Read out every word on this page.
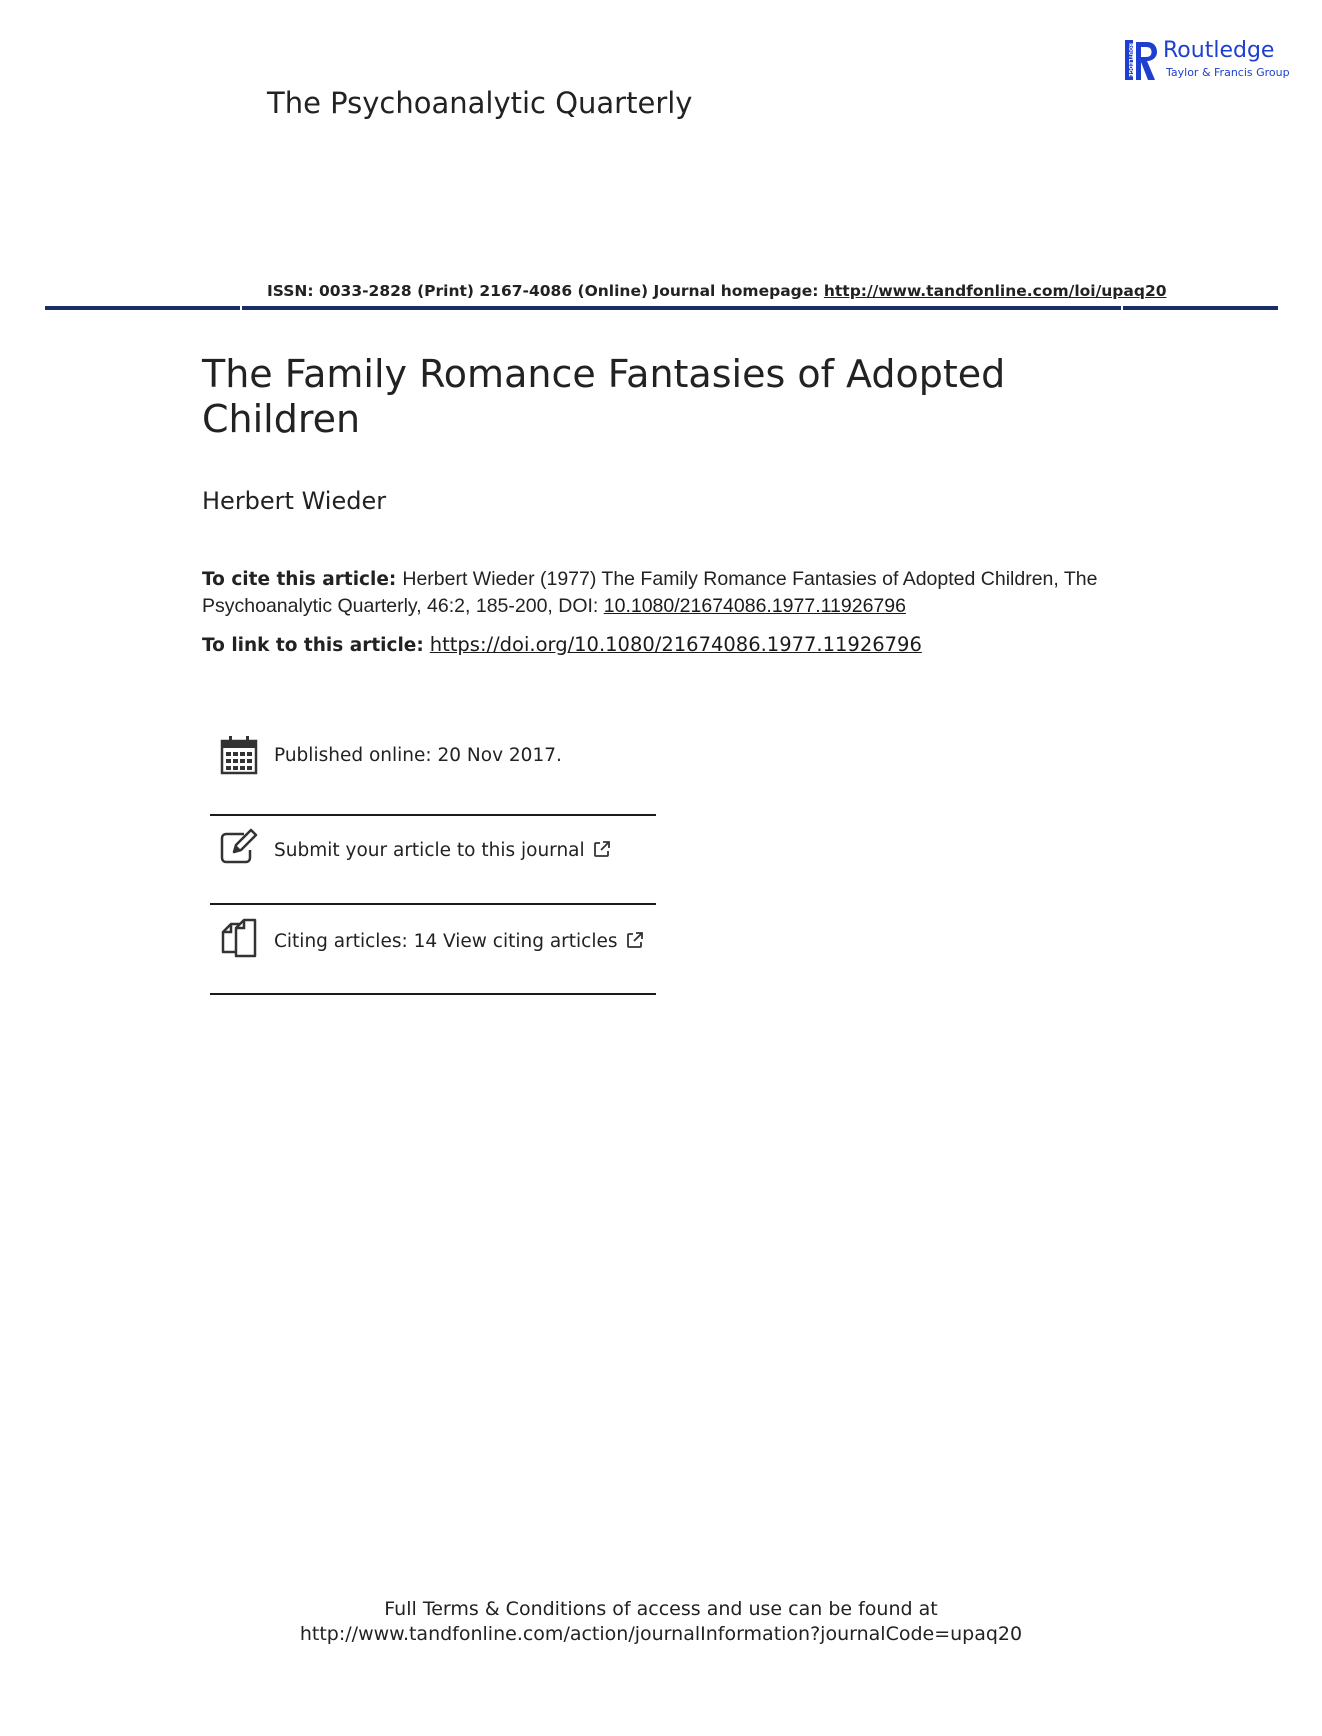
The Psychoanalytic Quarterly
ROUTLEDGE Routledge
Taylor & Francis Group
ISSN: 0033-2828 (Print) 2167-4086 (Online) Journal homepage: http://www.tandfonline.com/loi/upaq20
The Family Romance Fantasies of Adopted Children
Herbert Wieder
To cite this article: Herbert Wieder (1977) The Family Romance Fantasies of Adopted Children, The Psychoanalytic Quarterly, 46:2, 185-200, DOI: 10.1080/21674086.1977.11926796
To link to this article: https://doi.org/10.1080/21674086.1977.11926796
Published online: 20 Nov 2017.
Submit your article to this journal
Citing articles: 14 View citing articles
Full Terms & Conditions of access and use can be found at
http://www.tandfonline.com/action/journalInformation?journalCode=upaq20
